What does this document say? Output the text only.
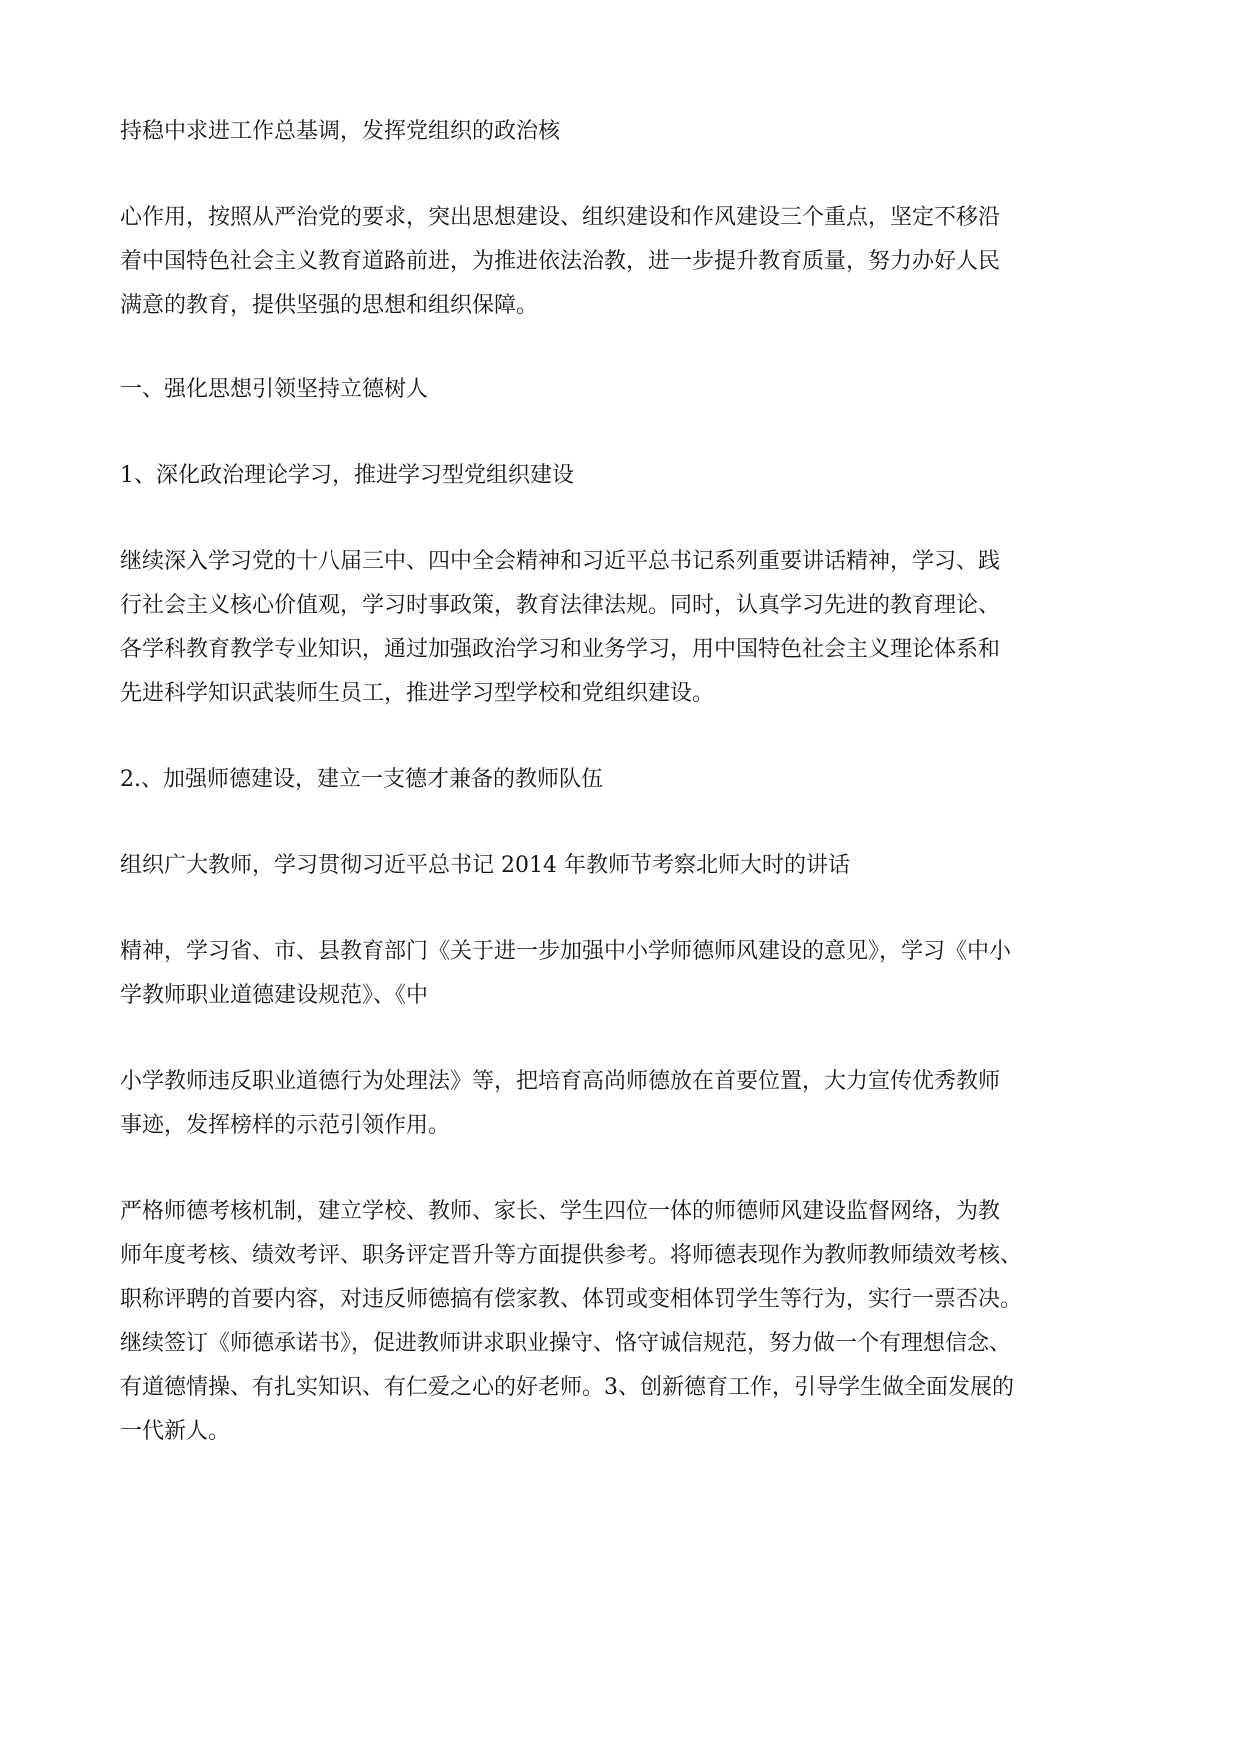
持稳中求进工作总基调，发挥党组织的政治核
心作用，按照从严治党的要求，突出思想建设、组织建设和作风建设三个重点，坚定不移沿
着中国特色社会主义教育道路前进，为推进依法治教，进一步提升教育质量，努力办好人民
满意的教育，提供坚强的思想和组织保障。
一、强化思想引领坚持立德树人
1、深化政治理论学习，推进学习型党组织建设
继续深入学习党的十八届三中、四中全会精神和习近平总书记系列重要讲话精神，学习、践
行社会主义核心价值观，学习时事政策，教育法律法规。同时，认真学习先进的教育理论、
各学科教育教学专业知识，通过加强政治学习和业务学习，用中国特色社会主义理论体系和
先进科学知识武装师生员工，推进学习型学校和党组织建设。
2.、加强师德建设，建立一支德才兼备的教师队伍
组织广大教师，学习贯彻习近平总书记 2014 年教师节考察北师大时的讲话
精神，学习省、市、县教育部门《关于进一步加强中小学师德师风建设的意见》，学习《中小
学教师职业道德建设规范》、《中
小学教师违反职业道德行为处理法》等，把培育高尚师德放在首要位置，大力宣传优秀教师
事迹，发挥榜样的示范引领作用。
严格师德考核机制，建立学校、教师、家长、学生四位一体的师德师风建设监督网络，为教
师年度考核、绩效考评、职务评定晋升等方面提供参考。将师德表现作为教师教师绩效考核、
职称评聘的首要内容，对违反师德搞有偿家教、体罚或变相体罚学生等行为，实行一票否决。
继续签订《师德承诺书》，促进教师讲求职业操守、恪守诚信规范，努力做一个有理想信念、
有道德情操、有扎实知识、有仁爱之心的好老师。3、创新德育工作，引导学生做全面发展的
一代新人。
